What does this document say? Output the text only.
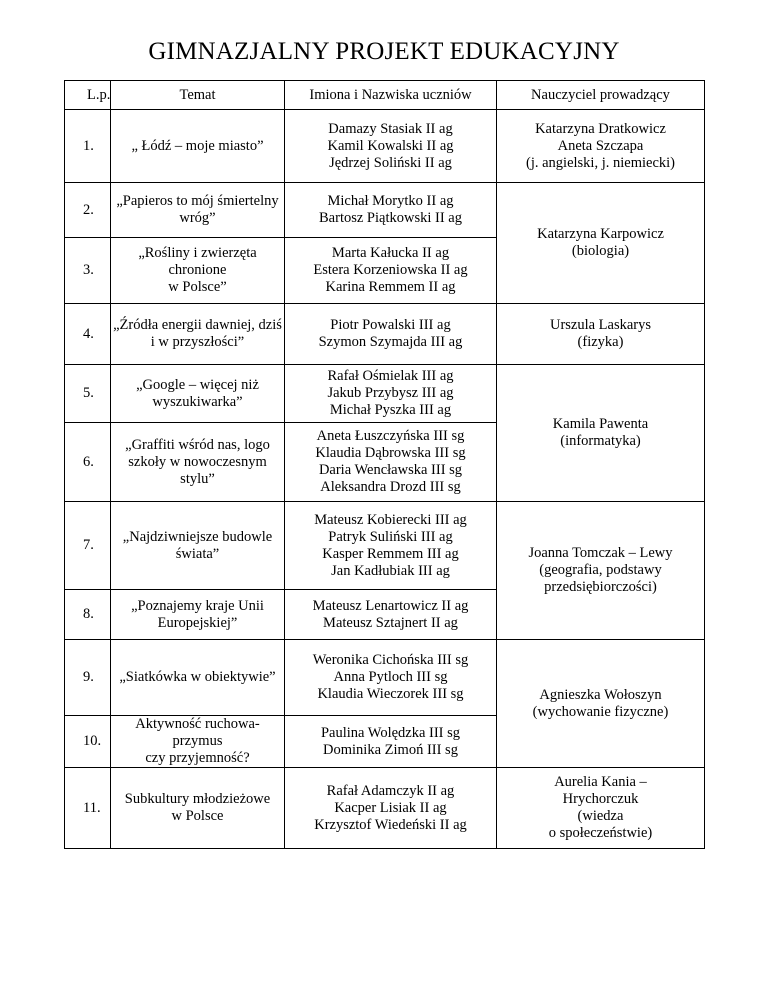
GIMNAZJALNY PROJEKT EDUKACYJNY
L.p.	Temat	Imiona i Nazwiska uczniów	Nauczyciel prowadzący
1.	„ Łódź – moje miasto”	Damazy Stasiak II ag
Kamil Kowalski II ag
Jędrzej Soliński II ag	Katarzyna Dratkowicz
Aneta Szczapa
(j. angielski, j. niemiecki)
2.	„Papieros to mój śmiertelny
wróg”	Michał Morytko II ag
Bartosz Piątkowski II ag	Katarzyna Karpowicz
(biologia)
3.	„Rośliny i zwierzęta chronione
w Polsce”	Marta Kałucka II ag
Estera Korzeniowska II ag
Karina Remmem II ag	
4.	„Źródła energii dawniej, dziś
i w przyszłości”	Piotr Powalski III ag
Szymon Szymajda III ag	Urszula Laskarys
(fizyka)
5.	„Google – więcej niż
wyszukiwarka”	Rafał Ośmielak III ag
Jakub Przybysz III ag
Michał Pyszka III ag	Kamila Pawenta
(informatyka)
6.	„Graffiti wśród nas, logo
szkoły w nowoczesnym stylu”	Aneta Łuszczyńska III sg
Klaudia Dąbrowska III sg
Daria Wencławska III sg
Aleksandra Drozd III sg	
7.	„Najdziwniejsze budowle
świata”	Mateusz Kobierecki III ag
Patryk Suliński III ag
Kasper Remmem III ag
Jan Kadłubiak III ag	Joanna Tomczak – Lewy
(geografia, podstawy
przedsiębiorczości)
8.	„Poznajemy kraje Unii
Europejskiej”	Mateusz Lenartowicz II ag
Mateusz Sztajnert II ag	
9.	„Siatkówka w obiektywie”	Weronika Cichońska III sg
Anna Pytloch III sg
Klaudia Wieczorek III sg	Agnieszka Wołoszyn
(wychowanie fizyczne)
10.	Aktywność ruchowa- przymus
czy przyjemność?	Paulina Wolędzka III sg
Dominika Zimoń III sg	
11.	Subkultury młodzieżowe
w Polsce	Rafał Adamczyk II ag
Kacper Lisiak II ag
Krzysztof Wiedeński II ag	Aurelia Kania –
Hrychorczuk
(wiedza
o społeczeństwie)
